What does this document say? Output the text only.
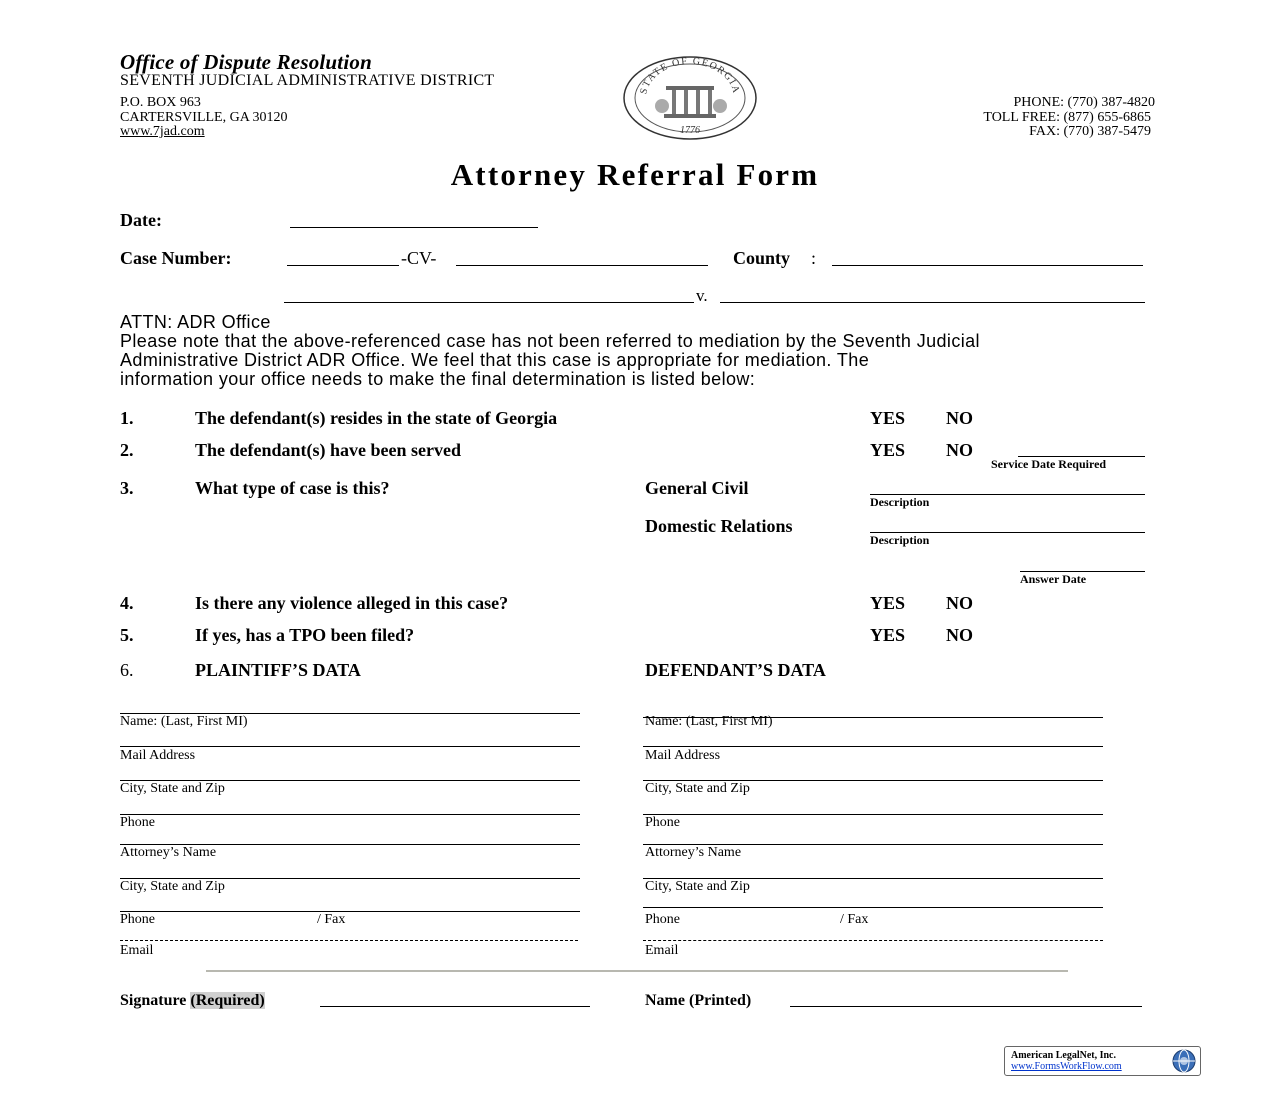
Office of Dispute Resolution
SEVENTH JUDICIAL ADMINISTRATIVE DISTRICT
P.O. BOX 963
CARTERSVILLE, GA 30120
www.7jad.com
PHONE: (770) 387-4820
TOLL FREE: (877) 655-6865
FAX: (770) 387-5479
STATE OF GEORGIA
1776
Attorney Referral Form
Date:
Case Number:	-CV-	County :
v.
ATTN: ADR Office
Please note that the above-referenced case has not been referred to mediation by the Seventh Judicial
Administrative District ADR Office. We feel that this case is appropriate for mediation. The
information your office needs to make the final determination is listed below:
1.	The defendant(s) resides in the state of Georgia	YES NO
2.	The defendant(s) have been served	YES NO
Service Date Required
3.	What type of case is this?	General Civil
Description
Domestic Relations
Description
Answer Date
4.	Is there any violence alleged in this case?	YES NO
5.	If yes, has a TPO been filed?	YES NO
6.	PLAINTIFF’S DATA	DEFENDANT’S DATA
Name: (Last, First MI)
Mail Address
City, State and Zip
Phone
Attorney’s Name
City, State and Zip
Phone	/ Fax
Email
Name: (Last, First MI)
Mail Address
City, State and Zip
Phone
Attorney’s Name
City, State and Zip
Phone	/ Fax
Email
Signature (Required)	Name (Printed)
American LegalNet, Inc.
www.FormsWorkFlow.com
